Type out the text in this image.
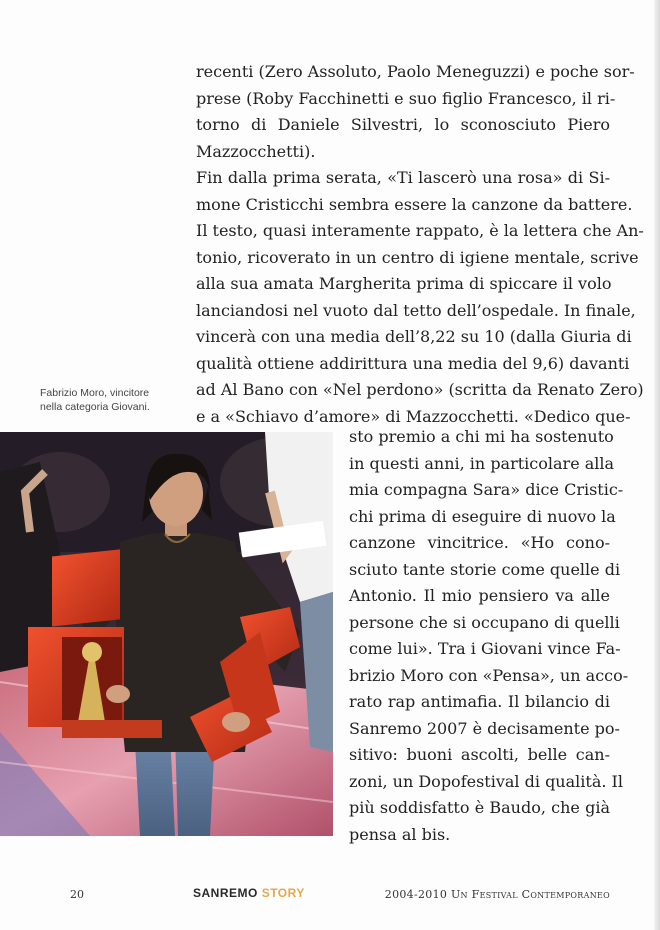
recenti (Zero Assoluto, Paolo Meneguzzi) e poche sor-
prese (Roby Facchinetti e suo figlio Francesco, il ri-
torno di Daniele Silvestri, lo sconosciuto Piero
Mazzocchetti).
Fin dalla prima serata, «Ti lascerò una rosa» di Si-
mone Cristicchi sembra essere la canzone da battere.
Il testo, quasi interamente rappato, è la lettera che An-
tonio, ricoverato in un centro di igiene mentale, scrive
alla sua amata Margherita prima di spiccare il volo
lanciandosi nel vuoto dal tetto dell’ospedale. In finale,
vincerà con una media dell’8,22 su 10 (dalla Giuria di
qualità ottiene addirittura una media del 9,6) davanti
ad Al Bano con «Nel perdono» (scritta da Renato Zero)
e a «Schiavo d’amore» di Mazzocchetti. «Dedico que-
Fabrizio Moro, vincitore
nella categoria Giovani.
sto premio a chi mi ha sostenuto
in questi anni, in particolare alla
mia compagna Sara» dice Cristic-
chi prima di eseguire di nuovo la
canzone vincitrice. «Ho cono-
sciuto tante storie come quelle di
Antonio. Il mio pensiero va alle
persone che si occupano di quelli
come lui». Tra i Giovani vince Fa-
brizio Moro con «Pensa», un acco-
rato rap antimafia. Il bilancio di
Sanremo 2007 è decisamente po-
sitivo: buoni ascolti, belle can-
zoni, un Dopofestival di qualità. Il
più soddisfatto è Baudo, che già
pensa al bis.
20	SANREMO STORY	2004-2010 Un Festival Contemporaneo
